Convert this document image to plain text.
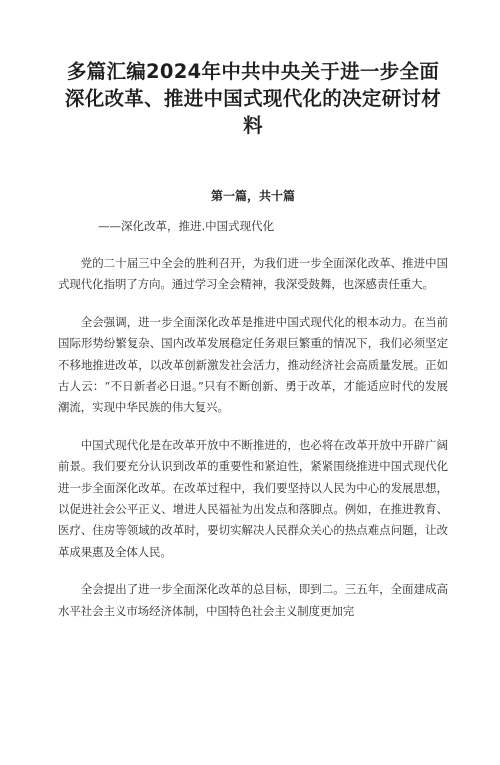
多篇汇编2024年中共中央关于进一步全面深化改革、推进中国式现代化的决定研讨材料
第一篇，共十篇
——深化改革，推进.中国式现代化

党的二十届三中全会的胜利召开，为我们进一步全面深化改革、推进中国式现代化指明了方向。通过学习全会精神，我深受鼓舞，也深感责任重大。

全会强调，进一步全面深化改革是推进中国式现代化的根本动力。在当前国际形势纷繁复杂、国内改革发展稳定任务艰巨繁重的情况下，我们必须坚定不移地推进改革，以改革创新激发社会活力，推动经济社会高质量发展。正如古人云：“不日新者必日退。”只有不断创新、勇于改革，才能适应时代的发展潮流，实现中华民族的伟大复兴。

中国式现代化是在改革开放中不断推进的，也必将在改革开放中开辟广阔前景。我们要充分认识到改革的重要性和紧迫性，紧紧围绕推进中国式现代化进一步全面深化改革。在改革过程中，我们要坚持以人民为中心的发展思想，以促进社会公平正义、增进人民福祉为出发点和落脚点。例如，在推进教育、医疗、住房等领域的改革时，要切实解决人民群众关心的热点难点问题，让改革成果惠及全体人民。

全会提出了进一步全面深化改革的总目标，即到二。三五年，全面建成高水平社会主义市场经济体制，中国特色社会主义制度更加完
